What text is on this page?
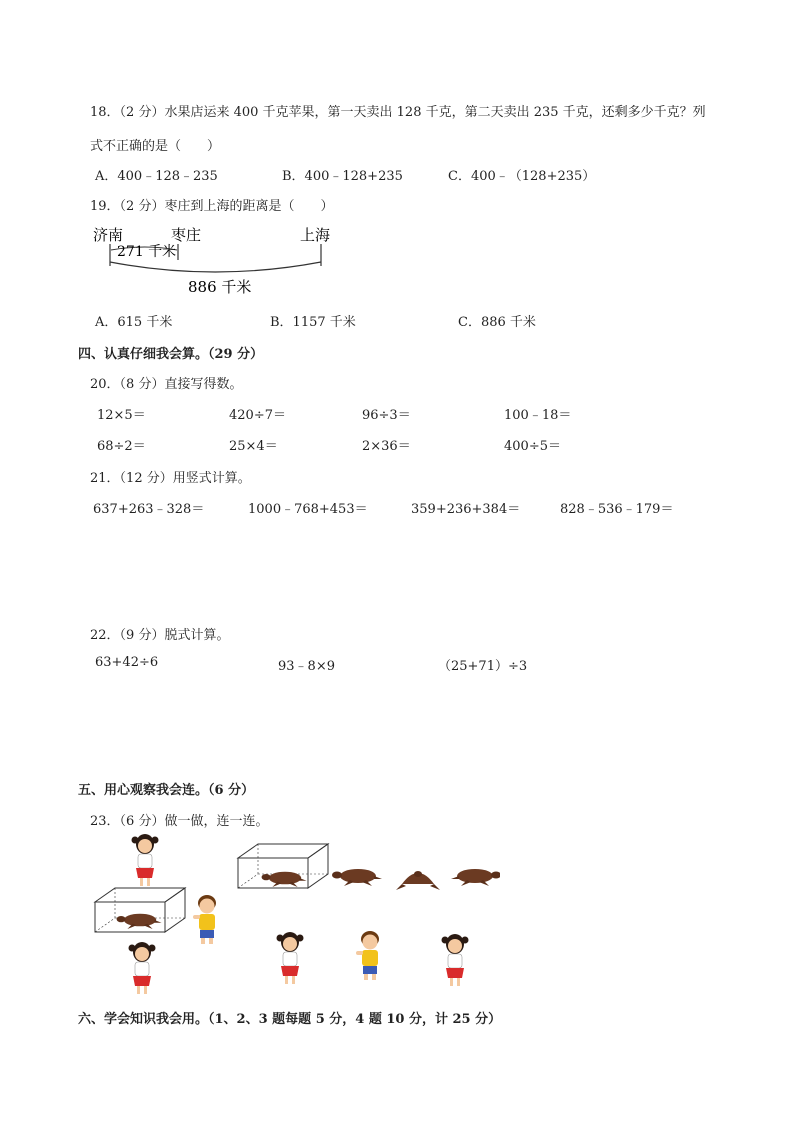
18．（2 分）水果店运来 400 千克苹果，第一天卖出 128 千克，第二天卖出 235 千克，还剩多少千克？列
式不正确的是（　　）
A．400﹣128﹣235	B．400﹣128+235	C．400﹣（128+235）
19．（2 分）枣庄到上海的距离是（　　）
济南	枣庄	上海
271 千米
886 千米
A．615 千米	B．1157 千米	C．886 千米
四、认真仔细我会算。（29 分）
20．（8 分）直接写得数。
12×5＝	420÷7＝	96÷3＝	100﹣18＝
68÷2＝	25×4＝	2×36＝	400÷5＝
21．（12 分）用竖式计算。
637+263﹣328＝	1000﹣768+453＝	359+236+384＝	828﹣536﹣179＝
22．（9 分）脱式计算。
63+42÷6	93﹣8×9	（25+71）÷3
五、用心观察我会连。（6 分）
23．（6 分）做一做，连一连。
六、学会知识我会用。（1、2、3 题每题 5 分，4 题 10 分，计 25 分）
